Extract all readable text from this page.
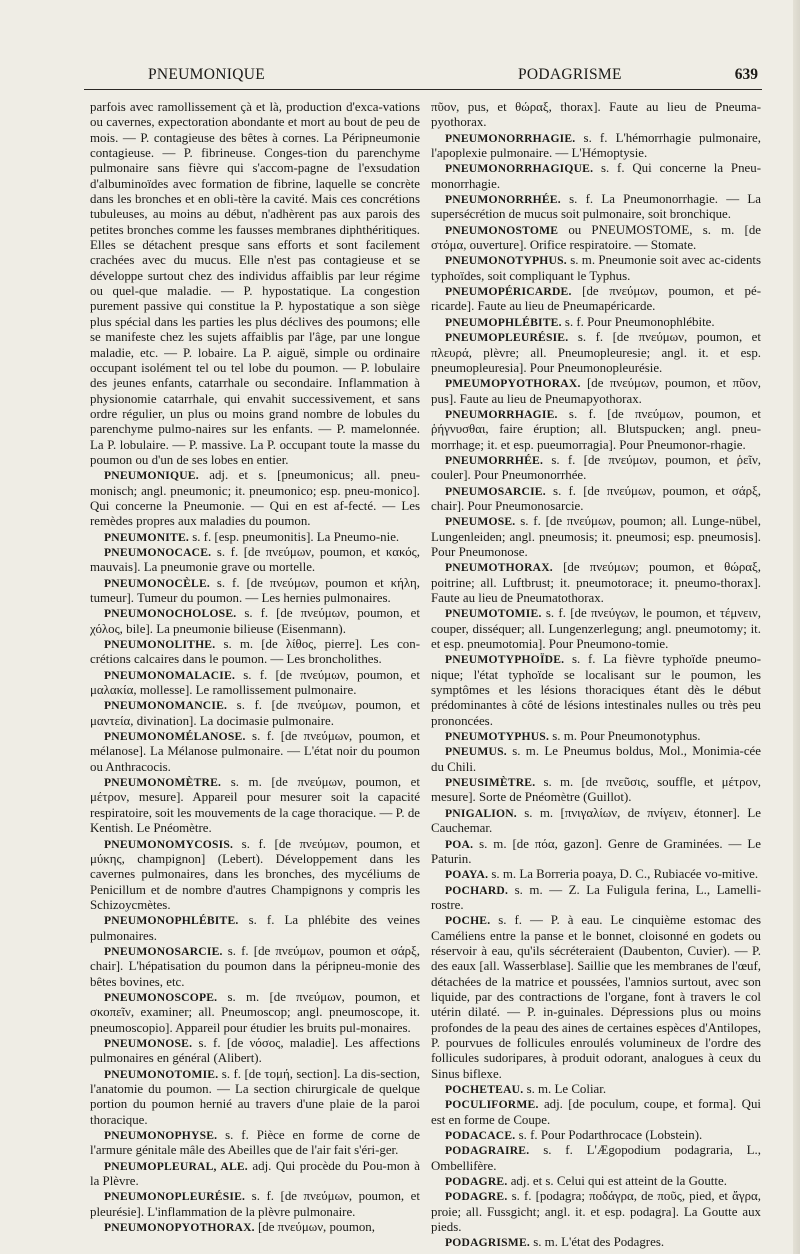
PNEUMONIQUE	PODAGRISME	639

parfois avec ramollissement çà et là, production d'exca-vations ou cavernes, expectoration abondante et mort au bout de peu de mois. — P. contagieuse des bêtes à cornes. La Péripneumonie contagieuse. — P. fibrineuse. Conges-tion du parenchyme pulmonaire sans fièvre qui s'accom-pagne de l'exsudation d'albuminoïdes avec formation de fibrine, laquelle se concrète dans les bronches et en obli-tère la cavité. Mais ces concrétions tubuleuses, au moins au début, n'adhèrent pas aux parois des petites bronches comme les fausses membranes diphthéritiques. Elles se détachent presque sans efforts et sont facilement crachées avec du mucus. Elle n'est pas contagieuse et se développe surtout chez des individus affaiblis par leur régime ou quel-que maladie. — P. hypostatique. La congestion purement passive qui constitue la P. hypostatique a son siège plus spécial dans les parties les plus déclives des poumons; elle se manifeste chez les sujets affaiblis par l'âge, par une longue maladie, etc. — P. lobaire. La P. aiguë, simple ou ordinaire occupant isolément tel ou tel lobe du poumon. — P. lobulaire des jeunes enfants, catarrhale ou secondaire. Inflammation à physionomie catarrhale, qui envahit successivement, et sans ordre régulier, un plus ou moins grand nombre de lobules du parenchyme pulmo-naires sur les enfants. — P. mamelonnée. La P. lobulaire. — P. massive. La P. occupant toute la masse du poumon ou d'un de ses lobes en entier.

PNEUMONIQUE. adj. et s. [pneumonicus; all. pneu-monisch; angl. pneumonic; it. pneumonico; esp. pneu-monico]. Qui concerne la Pneumonie. — Qui en est af-fecté. — Les remèdes propres aux maladies du poumon.

PNEUMONITE. s. f. [esp. pneumonitis]. La Pneumo-nie.

PNEUMONOCACE. s. f. [de πνεύμων, poumon, et κακός, mauvais]. La pneumonie grave ou mortelle.

PNEUMONOCÈLE. s. f. [de πνεύμων, poumon et κήλη, tumeur]. Tumeur du poumon. — Les hernies pulmonaires.

PNEUMONOCHOLOSE. s. f. [de πνεύμων, poumon, et χόλος, bile]. La pneumonie bilieuse (Eisenmann).

PNEUMONOLITHE. s. m. [de λίθος, pierre]. Les con-crétions calcaires dans le poumon. — Les broncholithes.

PNEUMONOMALACIE. s. f. [de πνεύμων, poumon, et μαλακία, mollesse]. Le ramollissement pulmonaire.

PNEUMONOMANCIE. s. f. [de πνεύμων, poumon, et μαντεία, divination]. La docimasie pulmonaire.

PNEUMONOMÉLANOSE. s. f. [de πνεύμων, poumon, et mélanose]. La Mélanose pulmonaire. — L'état noir du poumon ou Anthracocis.

PNEUMONOMÈTRE. s. m. [de πνεύμων, poumon, et μέτρον, mesure]. Appareil pour mesurer soit la capacité respiratoire, soit les mouvements de la cage thoracique. — P. de Kentish. Le Pnéomètre.

PNEUMONOMYCOSIS. s. f. [de πνεύμων, poumon, et μύκης, champignon] (Lebert). Développement dans les cavernes pulmonaires, dans les bronches, des mycéliums de Penicillum et de nombre d'autres Champignons y compris les Schizoycmètes.

PNEUMONOPHLÉBITE. s. f. La phlébite des veines pulmonaires.

PNEUMONOSARCIE. s. f. [de πνεύμων, poumon et σάρξ, chair]. L'hépatisation du poumon dans la péripneu-monie des bêtes bovines, etc.

PNEUMONOSCOPE. s. m. [de πνεύμων, poumon, et σκοπεῖν, examiner; all. Pneumoscop; angl. pneumoscope, it. pneumoscopio]. Appareil pour étudier les bruits pul-monaires.

PNEUMONOSE. s. f. [de νόσος, maladie]. Les affections pulmonaires en général (Alibert).

PNEUMONOTOMIE. s. f. [de τομή, section]. La dis-section, l'anatomie du poumon. — La section chirurgicale de quelque portion du poumon hernié au travers d'une plaie de la paroi thoracique.

PNEUMONOPHYSE. s. f. Pièce en forme de corne de l'armure génitale mâle des Abeilles que de l'air fait s'éri-ger.

PNEUMOPLEURAL, ALE. adj. Qui procède du Pou-mon à la Plèvre.

PNEUMONOPLEURÉSIE. s. f. [de πνεύμων, poumon, et pleurésie]. L'inflammation de la plèvre pulmonaire.

PNEUMONOPYOTHORAX. [de πνεύμων, poumon,

πῦον, pus, et θώραξ, thorax]. Faute au lieu de Pneuma-pyothorax.

PNEUMONORRHAGIE. s. f. L'hémorrhagie pulmonaire, l'apoplexie pulmonaire. — L'Hémoptysie.

PNEUMONORRHAGIQUE. s. f. Qui concerne la Pneu-monorrhagie.

PNEUMONORRHÉE. s. f. La Pneumonorrhagie. — La supersécrétion de mucus soit pulmonaire, soit bronchique.

PNEUMONOSTOME ou PNEUMOSTOME, s. m. [de στόμα, ouverture]. Orifice respiratoire. — Stomate.

PNEUMONOTYPHUS. s. m. Pneumonie soit avec ac-cidents typhoïdes, soit compliquant le Typhus.

PNEUMOPÉRICARDE. [de πνεύμων, poumon, et pé-ricarde]. Faute au lieu de Pneumapéricarde.

PNEUMOPHLÉBITE. s. f. Pour Pneumonophlébite.

PNEUMOPLEURÉSIE. s. f. [de πνεύμων, poumon, et πλευρά, plèvre; all. Pneumopleuresie; angl. it. et esp. pneumopleuresia]. Pour Pneumonopleurésie.

PMEUMOPYOTHORAX. [de πνεύμων, poumon, et πῦον, pus]. Faute au lieu de Pneumapyothorax.

PNEUMORRHAGIE. s. f. [de πνεύμων, poumon, et ῥήγνυσθαι, faire éruption; all. Blutspucken; angl. pneu-morrhage; it. et esp. pueumorragia]. Pour Pneumonor-rhagie.

PNEUMORRHÉE. s. f. [de πνεύμων, poumon, et ῥεῖν, couler]. Pour Pneumonorrhée.

PNEUMOSARCIE. s. f. [de πνεύμων, poumon, et σάρξ, chair]. Pour Pneumonosarcie.

PNEUMOSE. s. f. [de πνεύμων, poumon; all. Lunge-nübel, Lungenleiden; angl. pneumosis; it. pneumosi; esp. pneumosis]. Pour Pneumonose.

PNEUMOTHORAX. [de πνεύμων; poumon, et θώραξ, poitrine; all. Luftbrust; it. pneumotorace; it. pneumo-thorax]. Faute au lieu de Pneumatothorax.

PNEUMOTOMIE. s. f. [de πνεύγων, le poumon, et τέμνειν, couper, disséquer; all. Lungenzerlegung; angl. pneumotomy; it. et esp. pneumotomia]. Pour Pneumono-tomie.

PNEUMOTYPHOÏDE. s. f. La fièvre typhoïde pneumo-nique; l'état typhoïde se localisant sur le poumon, les symptômes et les lésions thoraciques étant dès le début prédominantes à côté de lésions intestinales nulles ou très peu prononcées.

PNEUMOTYPHUS. s. m. Pour Pneumonotyphus.

PNEUMUS. s. m. Le Pneumus boldus, Mol., Monimia-cée du Chili.

PNEUSIMÈTRE. s. m. [de πνεῦσις, souffle, et μέτρον, mesure]. Sorte de Pnéomètre (Guillot).

PNIGALION. s. m. [πνιγαλίων, de πνίγειν, étonner]. Le Cauchemar.

POA. s. m. [de πόα, gazon]. Genre de Graminées. — Le Paturin.

POAYA. s. m. La Borreria poaya, D. C., Rubiacée vo-mitive.

POCHARD. s. m. — Z. La Fuligula ferina, L., Lamelli-rostre.

POCHE. s. f. — P. à eau. Le cinquième estomac des Caméliens entre la panse et le bonnet, cloisonné en godets ou réservoir à eau, qu'ils sécréteraient (Daubenton, Cuvier). — P. des eaux [all. Wasserblase]. Saillie que les membranes de l'œuf, détachées de la matrice et poussées, l'amnios surtout, avec son liquide, par des contractions de l'organe, font à travers le col utérin dilaté. — P. in-guinales. Dépressions plus ou moins profondes de la peau des aines de certaines espèces d'Antilopes, P. pourvues de follicules enroulés volumineux de l'ordre des follicules sudoripares, à produit odorant, analogues à ceux du Sinus biflexe.

POCHETEAU. s. m. Le Coliar.

POCULIFORME. adj. [de poculum, coupe, et forma]. Qui est en forme de Coupe.

PODACACE. s. f. Pour Podarthrocace (Lobstein).

PODAGRAIRE. s. f. L'Ægopodium podagraria, L., Ombellifère.

PODAGRE. adj. et s. Celui qui est atteint de la Goutte.

PODAGRE. s. f. [podagra; ποδάγρα, de ποῦς, pied, et ἄγρα, proie; all. Fussgicht; angl. it. et esp. podagra]. La Goutte aux pieds.

PODAGRISME. s. m. L'état des Podagres.
